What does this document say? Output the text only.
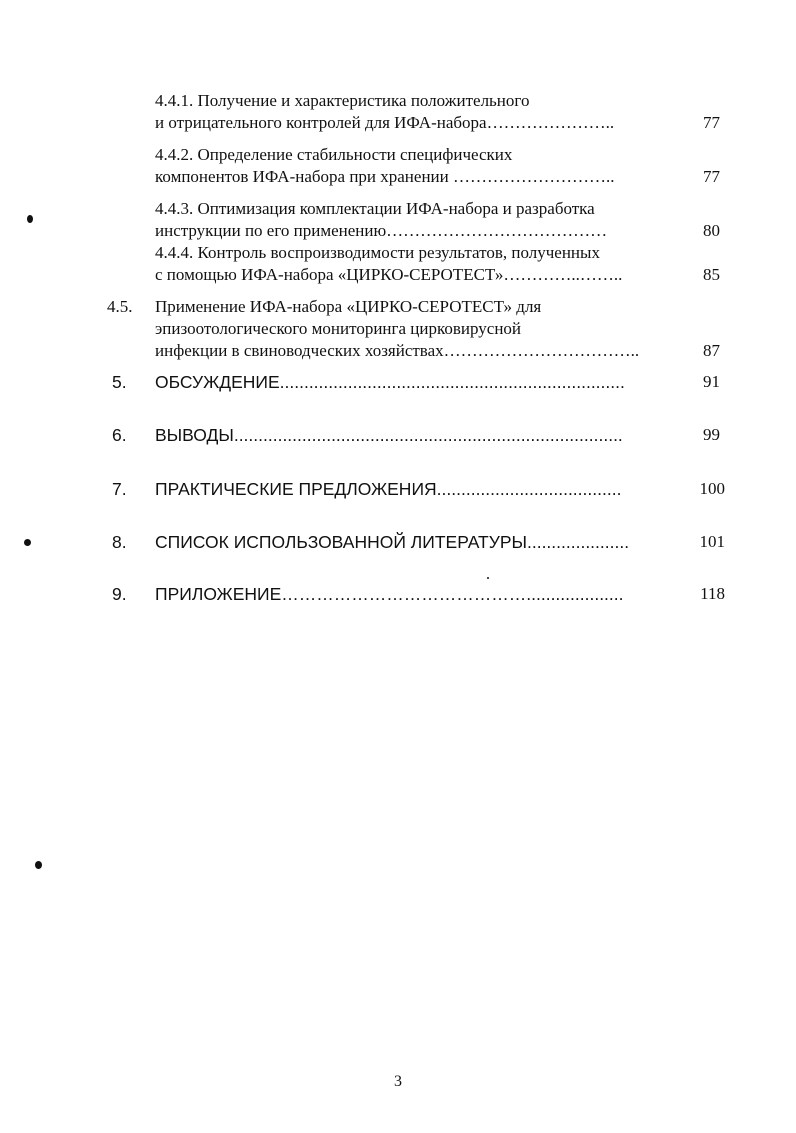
4.4.1. Получение и характеристика положительного
и отрицательного контролей для ИФА-набора…………………..	77
4.4.2. Определение стабильности специфических
компонентов ИФА-набора при хранении ………………………..	77
4.4.3. Оптимизация комплектации ИФА-набора и разработка
инструкции по его применению…………………………………	80
4.4.4. Контроль воспроизводимости результатов, полученных
с помощью ИФА-набора «ЦИРКО-СЕРОТЕСТ»…………..……..	85
4.5. Применение ИФА-набора «ЦИРКО-СЕРОТЕСТ» для
эпизоотологического мониторинга цирковирусной
инфекции в свиноводческих хозяйствах……………………………..	87
5. ОБСУЖДЕНИЕ.......................................................................	91
6. ВЫВОДЫ................................................................................	99
7. ПРАКТИЧЕСКИЕ ПРЕДЛОЖЕНИЯ......................................	100
8. СПИСОК ИСПОЛЬЗОВАННОЙ ЛИТЕРАТУРЫ.....................	101
9. ПРИЛОЖЕНИЕ……………………………………....................	118
3
